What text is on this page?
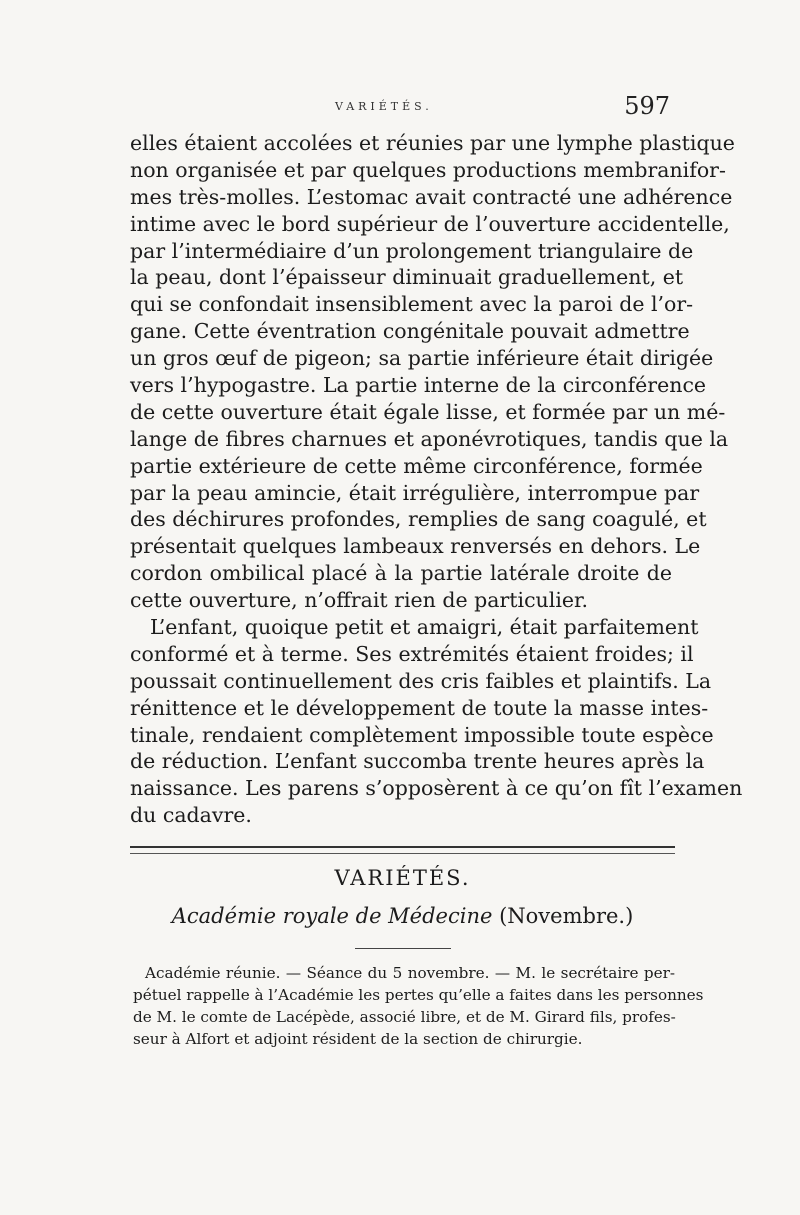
VARIÉTÉS.	597
elles étaient accolées et réunies par une lymphe plastique
non organisée et par quelques productions membranifor-
mes très-molles. L’estomac avait contracté une adhérence
intime avec le bord supérieur de l’ouverture accidentelle,
par l’intermédiaire d’un prolongement triangulaire de
la peau, dont l’épaisseur diminuait graduellement, et
qui se confondait insensiblement avec la paroi de l’or-
gane. Cette éventration congénitale pouvait admettre
un gros œuf de pigeon; sa partie inférieure était dirigée
vers l’hypogastre. La partie interne de la circonférence
de cette ouverture était égale lisse, et formée par un mé-
lange de fibres charnues et aponévrotiques, tandis que la
partie extérieure de cette même circonférence, formée
par la peau amincie, était irrégulière, interrompue par
des déchirures profondes, remplies de sang coagulé, et
présentait quelques lambeaux renversés en dehors. Le
cordon ombilical placé à la partie latérale droite de
cette ouverture, n’offrait rien de particulier.
L’enfant, quoique petit et amaigri, était parfaitement
conformé et à terme. Ses extrémités étaient froides; il
poussait continuellement des cris faibles et plaintifs. La
rénittence et le développement de toute la masse intes-
tinale, rendaient complètement impossible toute espèce
de réduction. L’enfant succomba trente heures après la
naissance. Les parens s’opposèrent à ce qu’on fît l’examen
du cadavre.
VARIÉTÉS.
Académie royale de Médecine (Novembre.)
Académie réunie. — Séance du 5 novembre. — M. le secrétaire per-
pétuel rappelle à l’Académie les pertes qu’elle a faites dans les personnes
de M. le comte de Lacépède, associé libre, et de M. Girard fils, profes-
seur à Alfort et adjoint résident de la section de chirurgie.
